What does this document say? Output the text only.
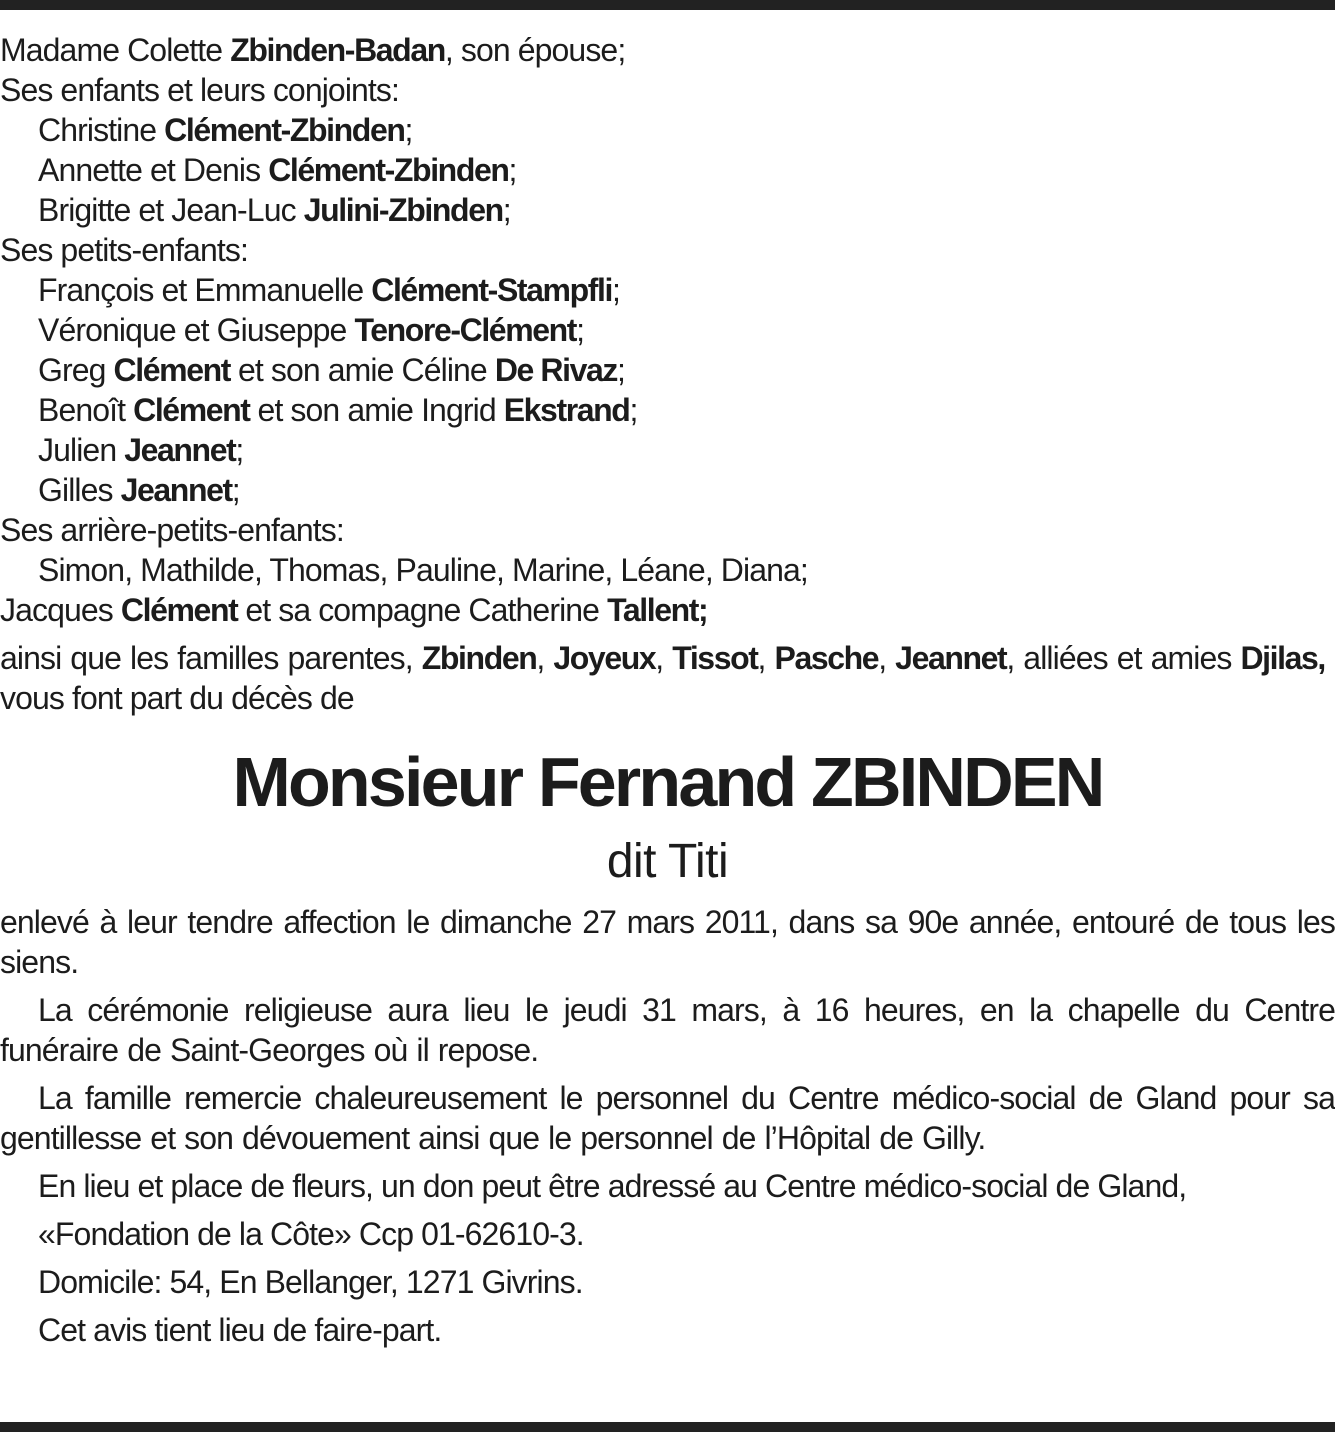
Madame Colette Zbinden-Badan, son épouse;
Ses enfants et leurs conjoints:
Christine Clément-Zbinden;
Annette et Denis Clément-Zbinden;
Brigitte et Jean-Luc Julini-Zbinden;
Ses petits-enfants:
François et Emmanuelle Clément-Stampfli;
Véronique et Giuseppe Tenore-Clément;
Greg Clément et son amie Céline De Rivaz;
Benoît Clément et son amie Ingrid Ekstrand;
Julien Jeannet;
Gilles Jeannet;
Ses arrière-petits-enfants:
Simon, Mathilde, Thomas, Pauline, Marine, Léane, Diana;
Jacques Clément et sa compagne Catherine Tallent;
ainsi que les familles parentes, Zbinden, Joyeux, Tissot, Pasche, Jeannet, alliées et amies Djilas,
vous font part du décès de
Monsieur Fernand ZBINDEN
dit Titi
enlevé à leur tendre affection le dimanche 27 mars 2011, dans sa 90e année, entouré de tous les siens.
La cérémonie religieuse aura lieu le jeudi 31 mars, à 16 heures, en la chapelle du Centre funéraire de Saint-Georges où il repose.
La famille remercie chaleureusement le personnel du Centre médico-social de Gland pour sa gentillesse et son dévouement ainsi que le personnel de l’Hôpital de Gilly.
En lieu et place de fleurs, un don peut être adressé au Centre médico-social de Gland,
«Fondation de la Côte» Ccp 01-62610-3.
Domicile: 54, En Bellanger, 1271 Givrins.
Cet avis tient lieu de faire-part.
